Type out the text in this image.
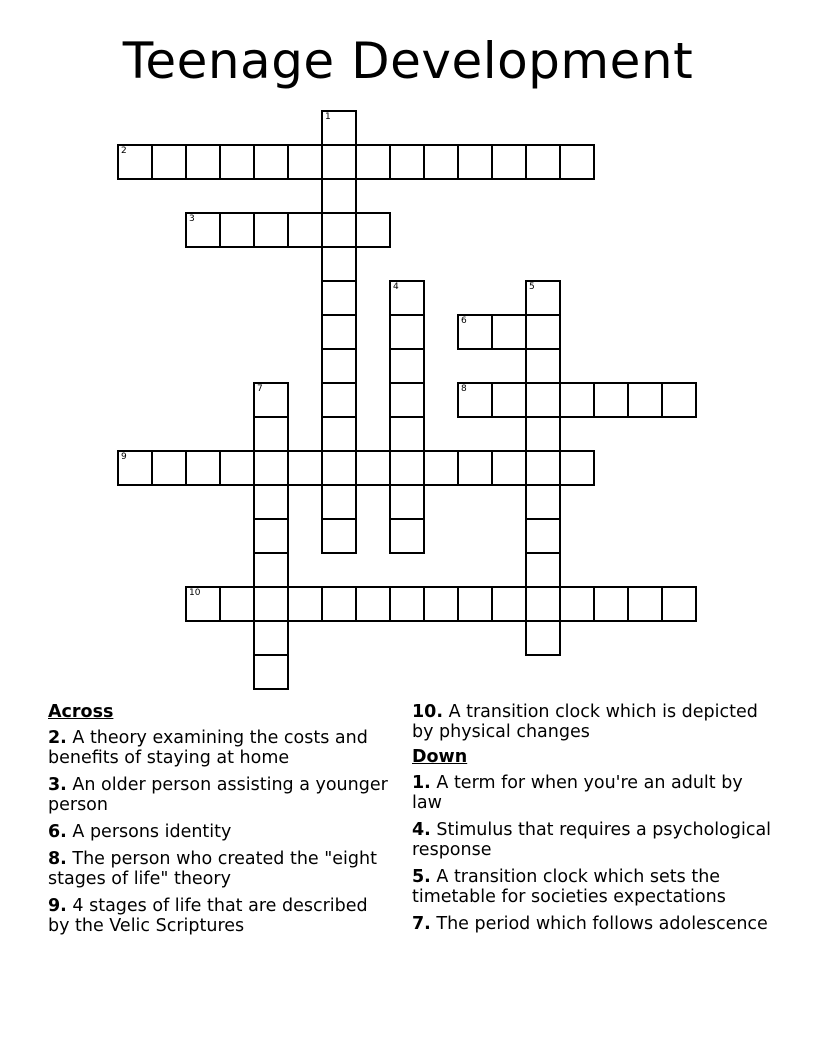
Teenage Development
1
2
3
4	5
6
7	8
9
10
Across
2. A theory examining the costs and benefits of staying at home
3. An older person assisting a younger person
6. A persons identity
8. The person who created the "eight stages of life" theory
9. 4 stages of life that are described by the Velic Scriptures
10. A transition clock which is depicted by physical changes
Down
1. A term for when you're an adult by law
4. Stimulus that requires a psychological response
5. A transition clock which sets the timetable for societies expectations
7. The period which follows adolescence
